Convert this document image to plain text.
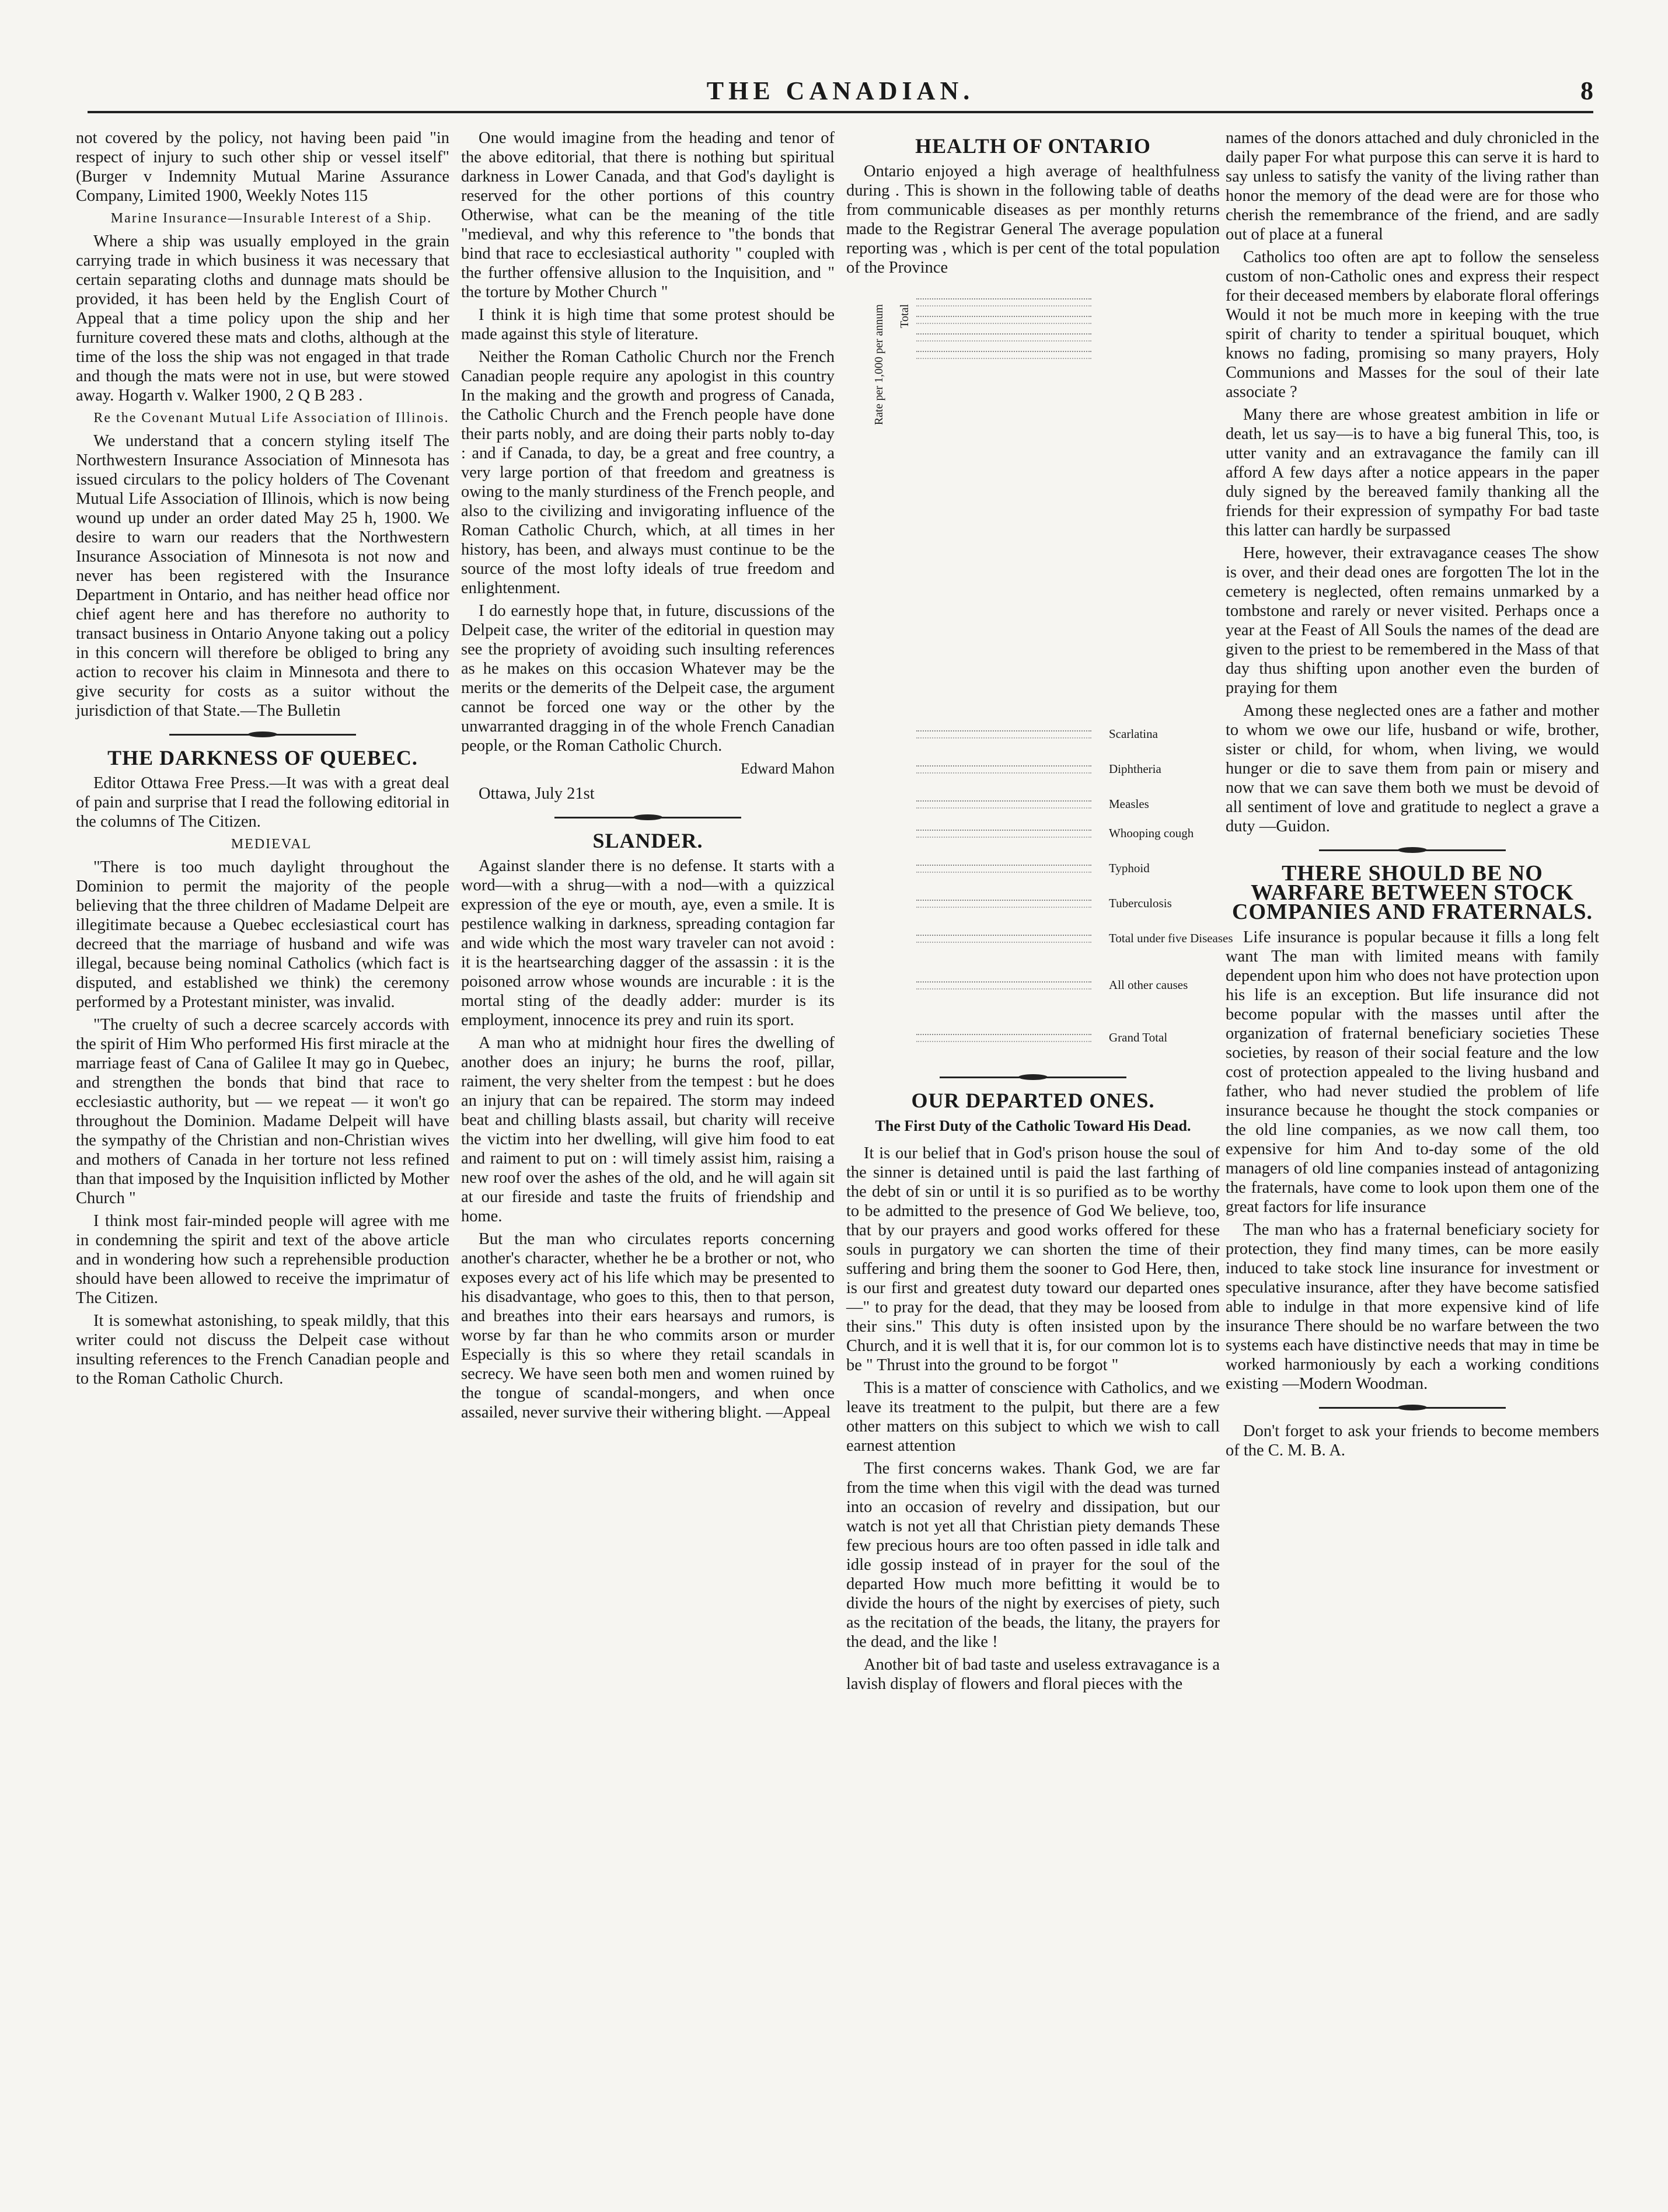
THE CANADIAN.	8

not covered by the policy, not having been paid "in respect of injury to such other ship or vessel itself" (Burger v Indemnity Mutual Marine Assurance Company, Limited 1900, Weekly Notes 115

Marine Insurance—Insurable Interest of a Ship.

Where a ship was usually employed in the grain carrying trade in which business it was necessary that certain separating cloths and dunnage mats should be provided, it has been held by the English Court of Appeal that a time policy upon the ship and her furniture covered these mats and cloths, although at the time of the loss the ship was not engaged in that trade and though the mats were not in use, but were stowed away. Hogarth v. Walker 1900, 2 Q B 283 .

Re the Covenant Mutual Life Association of Illinois.

We understand that a concern styling itself The Northwestern Insurance Association of Minnesota has issued circulars to the policy holders of The Covenant Mutual Life Association of Illinois, which is now being wound up under an order dated May 25 h, 1900. We desire to warn our readers that the Northwestern Insurance Association of Minnesota is not now and never has been registered with the Insurance Department in Ontario, and has neither head office nor chief agent here and has therefore no authority to transact business in Ontario Anyone taking out a policy in this concern will therefore be obliged to bring any action to recover his claim in Minnesota and there to give security for costs as a suitor without the jurisdiction of that State.—The Bulletin

THE DARKNESS OF QUEBEC.

Editor Ottawa Free Press.—It was with a great deal of pain and surprise that I read the following editorial in the columns of The Citizen.

MEDIEVAL

"There is too much daylight throughout the Dominion to permit the majority of the people believing that the three children of Madame Delpeit are illegitimate because a Quebec ecclesiastical court has decreed that the marriage of husband and wife was illegal, because being nominal Catholics (which fact is disputed, and established we think) the ceremony performed by a Protestant minister, was invalid.

"The cruelty of such a decree scarcely accords with the spirit of Him Who performed His first miracle at the marriage feast of Cana of Galilee It may go in Quebec, and strengthen the bonds that bind that race to ecclesiastic authority, but — we repeat — it won't go throughout the Dominion. Madame Delpeit will have the sympathy of the Christian and non-Christian wives and mothers of Canada in her torture not less refined than that imposed by the Inquisition inflicted by Mother Church "

I think most fair-minded people will agree with me in condemning the spirit and text of the above article and in wondering how such a reprehensible production should have been allowed to receive the imprimatur of The Citizen.

It is somewhat astonishing, to speak mildly, that this writer could not discuss the Delpeit case without insulting references to the French Canadian people and to the Roman Catholic Church.

One would imagine from the heading and tenor of the above editorial, that there is nothing but spiritual darkness in Lower Canada, and that God's daylight is reserved for the other portions of this country Otherwise, what can be the meaning of the title "medieval, and why this reference to "the bonds that bind that race to ecclesiastical authority " coupled with the further offensive allusion to the Inquisition, and " the torture by Mother Church "

I think it is high time that some protest should be made against this style of literature.

Neither the Roman Catholic Church nor the French Canadian people require any apologist in this country In the making and the growth and progress of Canada, the Catholic Church and the French people have done their parts nobly, and are doing their parts nobly to-day : and if Canada, to day, be a great and free country, a very large portion of that freedom and greatness is owing to the manly sturdiness of the French people, and also to the civilizing and invigorating influence of the Roman Catholic Church, which, at all times in her history, has been, and always must continue to be the source of the most lofty ideals of true freedom and enlightenment.

I do earnestly hope that, in future, discussions of the Delpeit case, the writer of the editorial in question may see the propriety of avoiding such insulting references as he makes on this occasion Whatever may be the merits or the demerits of the Delpeit case, the argument cannot be forced one way or the other by the unwarranted dragging in of the whole French Canadian people, or the Roman Catholic Church.

Edward Mahon

Ottawa, July 21st

SLANDER.

Against slander there is no defense. It starts with a word—with a shrug—with a nod—with a quizzical expression of the eye or mouth, aye, even a smile. It is pestilence walking in darkness, spreading contagion far and wide which the most wary traveler can not avoid : it is the heartsearching dagger of the assassin : it is the poisoned arrow whose wounds are incurable : it is the mortal sting of the deadly adder: murder is its employment, innocence its prey and ruin its sport.

A man who at midnight hour fires the dwelling of another does an injury; he burns the roof, pillar, raiment, the very shelter from the tempest : but he does an injury that can be repaired. The storm may indeed beat and chilling blasts assail, but charity will receive the victim into her dwelling, will give him food to eat and raiment to put on : will timely assist him, raising a new roof over the ashes of the old, and he will again sit at our fireside and taste the fruits of friendship and home.

But the man who circulates reports concerning another's character, whether he be a brother or not, who exposes every act of his life which may be presented to his disadvantage, who goes to this, then to that person, and breathes into their ears hearsays and rumors, is worse by far than he who commits arson or murder Especially is this so where they retail scandals in secrecy. We have seen both men and women ruined by the tongue of scandal-mongers, and when once assailed, never survive their withering blight. —Appeal

HEALTH OF ONTARIO

Ontario enjoyed a high average of healthfulness during . This is shown in the following table of deaths from communicable diseases as per monthly returns made to the Registrar General The average population reporting was , which is per cent of the total population of the Province

Rate per 1,000 per annum Total
Scarlatina
Diphtheria
Measles
Whooping cough
Typhoid
Tuberculosis
Total under five Diseases
All other causes
Grand Total
OUR DEPARTED ONES.
The First Duty of the Catholic Toward His Dead.

It is our belief that in God's prison house the soul of the sinner is detained until is paid the last farthing of the debt of sin or until it is so purified as to be worthy to be admitted to the presence of God We believe, too, that by our prayers and good works offered for these souls in purgatory we can shorten the time of their suffering and bring them the sooner to God Here, then, is our first and greatest duty toward our departed ones—" to pray for the dead, that they may be loosed from their sins." This duty is often insisted upon by the Church, and it is well that it is, for our common lot is to be " Thrust into the ground to be forgot "

This is a matter of conscience with Catholics, and we leave its treatment to the pulpit, but there are a few other matters on this subject to which we wish to call earnest attention

The first concerns wakes. Thank God, we are far from the time when this vigil with the dead was turned into an occasion of revelry and dissipation, but our watch is not yet all that Christian piety demands These few precious hours are too often passed in idle talk and idle gossip instead of in prayer for the soul of the departed How much more befitting it would be to divide the hours of the night by exercises of piety, such as the recitation of the beads, the litany, the prayers for the dead, and the like !

Another bit of bad taste and useless extravagance is a lavish display of flowers and floral pieces with the

names of the donors attached and duly chronicled in the daily paper For what purpose this can serve it is hard to say unless to satisfy the vanity of the living rather than honor the memory of the dead were are for those who cherish the remembrance of the friend, and are sadly out of place at a funeral

Catholics too often are apt to follow the senseless custom of non-Catholic ones and express their respect for their deceased members by elaborate floral offerings Would it not be much more in keeping with the true spirit of charity to tender a spiritual bouquet, which knows no fading, promising so many prayers, Holy Communions and Masses for the soul of their late associate ?

Many there are whose greatest ambition in life or death, let us say—is to have a big funeral This, too, is utter vanity and an extravagance the family can ill afford A few days after a notice appears in the paper duly signed by the bereaved family thanking all the friends for their expression of sympathy For bad taste this latter can hardly be surpassed

Here, however, their extravagance ceases The show is over, and their dead ones are forgotten The lot in the cemetery is neglected, often remains unmarked by a tombstone and rarely or never visited. Perhaps once a year at the Feast of All Souls the names of the dead are given to the priest to be remembered in the Mass of that day thus shifting upon another even the burden of praying for them

Among these neglected ones are a father and mother to whom we owe our life, husband or wife, brother, sister or child, for whom, when living, we would hunger or die to save them from pain or misery and now that we can save them both we must be devoid of all sentiment of love and gratitude to neglect a grave a duty —Guidon.

THERE SHOULD BE NO WARFARE BETWEEN STOCK COMPANIES AND FRATERNALS.

Life insurance is popular because it fills a long felt want The man with limited means with family dependent upon him who does not have protection upon his life is an exception. But life insurance did not become popular with the masses until after the organization of fraternal beneficiary societies These societies, by reason of their social feature and the low cost of protection appealed to the living husband and father, who had never studied the problem of life insurance because he thought the stock companies or the old line companies, as we now call them, too expensive for him And to-day some of the old managers of old line companies instead of antagonizing the fraternals, have come to look upon them one of the great factors for life insurance

The man who has a fraternal beneficiary society for protection, they find many times, can be more easily induced to take stock line insurance for investment or speculative insurance, after they have become satisfied able to indulge in that more expensive kind of life insurance There should be no warfare between the two systems each have distinctive needs that may in time be worked harmoniously by each a working conditions existing —Modern Woodman.

Don't forget to ask your friends to become members of the C. M. B. A.
